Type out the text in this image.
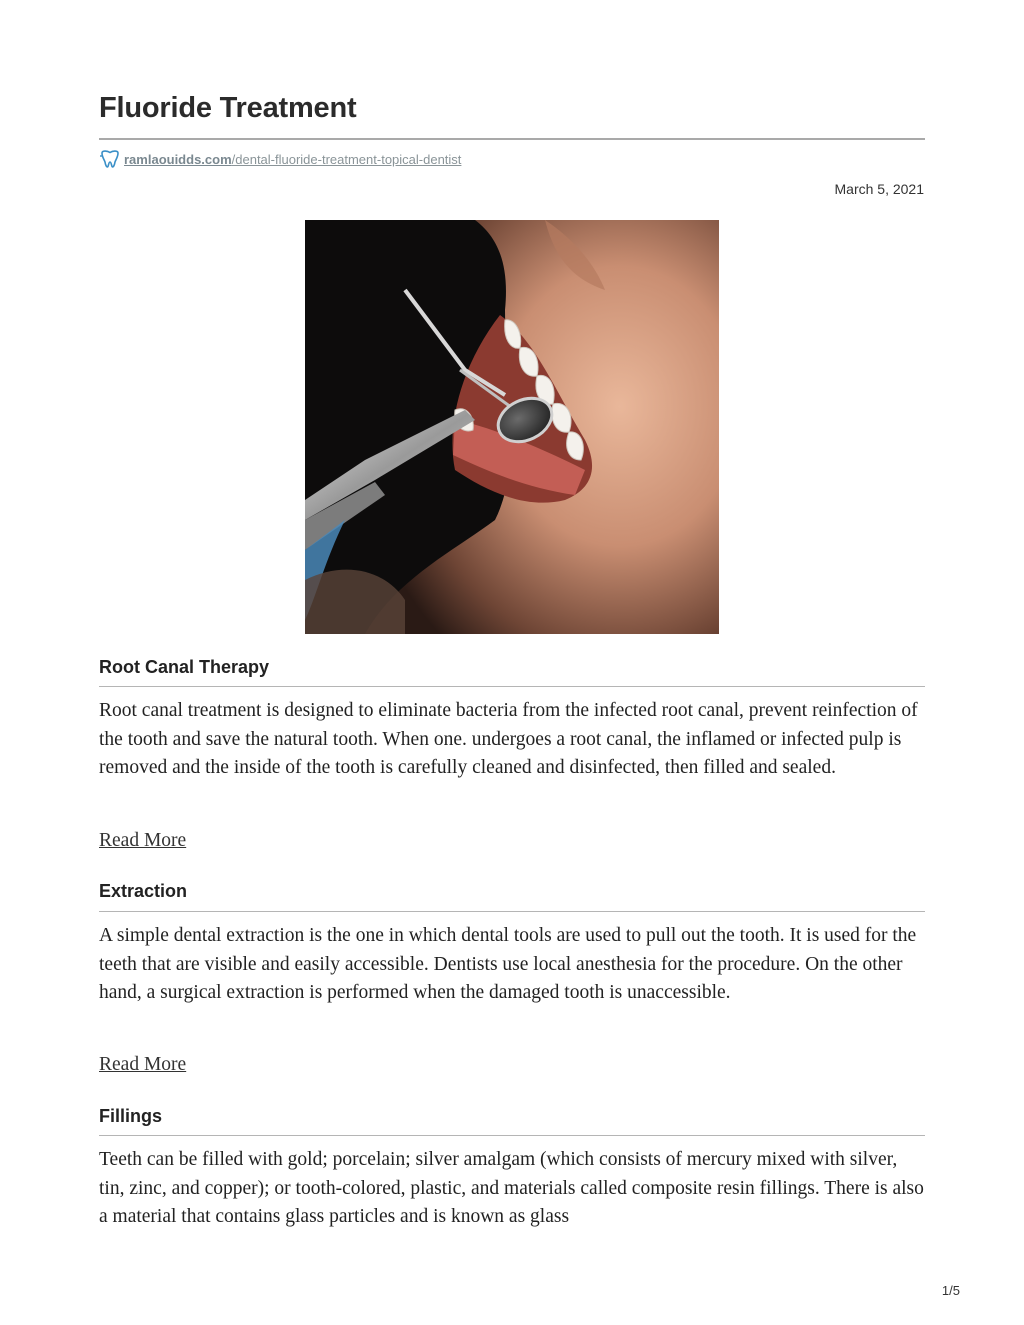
Fluoride Treatment
ramlaouidds.com /dental-fluoride-treatment-topical-dentist
March 5, 2021
Root Canal Therapy

Root canal treatment is designed to eliminate bacteria from the infected root canal, prevent reinfection of the tooth and save the natural tooth. When one. undergoes a root canal, the inflamed or infected pulp is removed and the inside of the tooth is carefully cleaned and disinfected, then filled and sealed.

Read More
Extraction

A simple dental extraction is the one in which dental tools are used to pull out the tooth. It is used for the teeth that are visible and easily accessible. Dentists use local anesthesia for the procedure. On the other hand, a surgical extraction is performed when the damaged tooth is unaccessible.

Read More
Fillings

Teeth can be filled with gold; porcelain; silver amalgam (which consists of mercury mixed with silver, tin, zinc, and copper); or tooth-colored, plastic, and materials called composite resin fillings. There is also a material that contains glass particles and is known as glass

1/5
